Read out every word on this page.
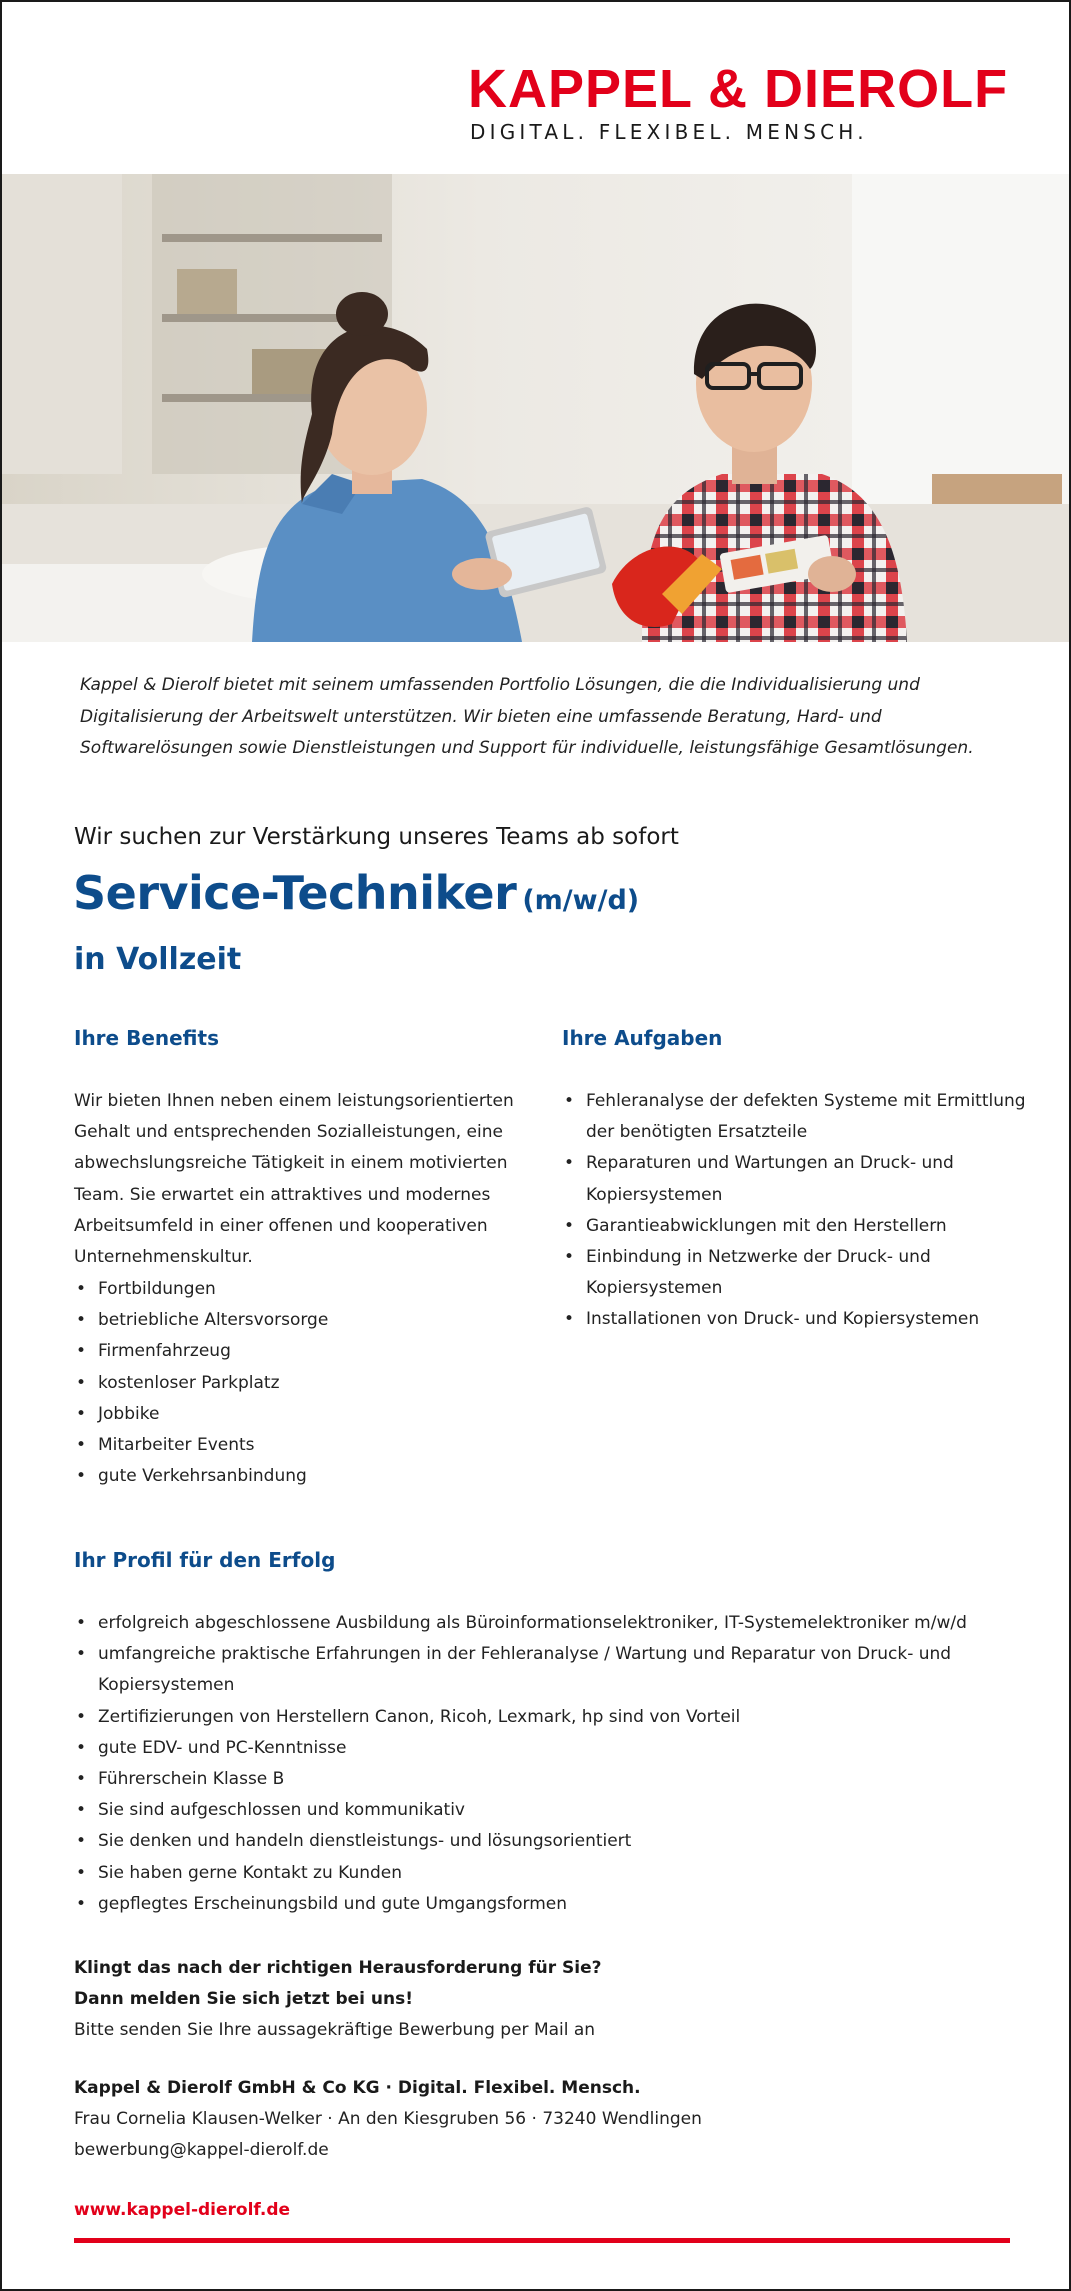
KAPPEL & DIEROLF
DIGITAL. FLEXIBEL. MENSCH.
Kappel & Dierolf bietet mit seinem umfassenden Portfolio Lösungen, die die Individualisierung und
Digitalisierung der Arbeitswelt unterstützen. Wir bieten eine umfassende Beratung, Hard- und
Softwarelösungen sowie Dienstleistungen und Support für individuelle, leistungsfähige Gesamtlösungen.
Wir suchen zur Verstärkung unseres Teams ab sofort
Service-Techniker (m/w/d)
in Vollzeit
Ihre Benefits
Wir bieten Ihnen neben einem leistungsorientierten
Gehalt und entsprechenden Sozialleistungen, eine
abwechslungsreiche Tätigkeit in einem motivierten
Team. Sie erwartet ein attraktives und modernes
Arbeitsumfeld in einer offenen und kooperativen
Unternehmenskultur.
• Fortbildungen
• betriebliche Altersvorsorge
• Firmenfahrzeug
• kostenloser Parkplatz
• Jobbike
• Mitarbeiter Events
• gute Verkehrsanbindung
Ihre Aufgaben
• Fehleranalyse der defekten Systeme mit Ermittlung
der benötigten Ersatzteile
• Reparaturen und Wartungen an Druck- und
Kopiersystemen
• Garantieabwicklungen mit den Herstellern
• Einbindung in Netzwerke der Druck- und
Kopiersystemen
• Installationen von Druck- und Kopiersystemen
Ihr Profil für den Erfolg
• erfolgreich abgeschlossene Ausbildung als Büroinformationselektroniker, IT-Systemelektroniker m/w/d
• umfangreiche praktische Erfahrungen in der Fehleranalyse / Wartung und Reparatur von Druck- und
Kopiersystemen
• Zertifizierungen von Herstellern Canon, Ricoh, Lexmark, hp sind von Vorteil
• gute EDV- und PC-Kenntnisse
• Führerschein Klasse B
• Sie sind aufgeschlossen und kommunikativ
• Sie denken und handeln dienstleistungs- und lösungsorientiert
• Sie haben gerne Kontakt zu Kunden
• gepflegtes Erscheinungsbild und gute Umgangsformen
Klingt das nach der richtigen Herausforderung für Sie?
Dann melden Sie sich jetzt bei uns!
Bitte senden Sie Ihre aussagekräftige Bewerbung per Mail an
Kappel & Dierolf GmbH & Co KG · Digital. Flexibel. Mensch.
Frau Cornelia Klausen-Welker · An den Kiesgruben 56 · 73240 Wendlingen
bewerbung@kappel-dierolf.de
www.kappel-dierolf.de
